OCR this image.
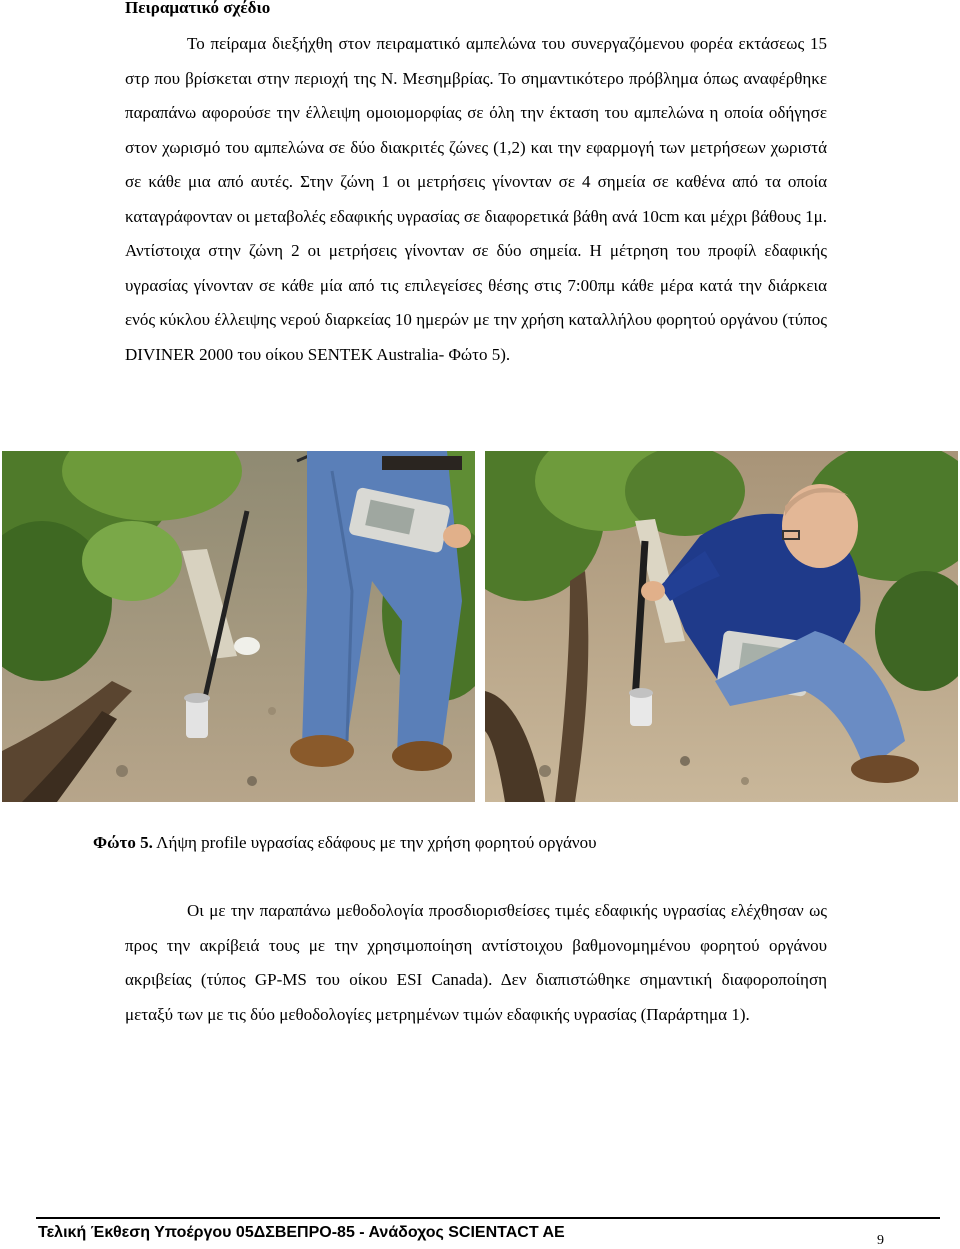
Πειραματικό σχέδιο
Το πείραμα διεξήχθη στον πειραματικό αμπελώνα του συνεργαζόμενου φορέα εκτάσεως 15 στρ που βρίσκεται στην περιοχή της Ν. Μεσημβρίας. Το σημαντικότερο πρόβλημα όπως αναφέρθηκε παραπάνω αφορούσε την έλλειψη ομοιομορφίας σε όλη την έκταση του αμπελώνα η οποία οδήγησε στον χωρισμό του αμπελώνα σε δύο διακριτές ζώνες (1,2) και την εφαρμογή των μετρήσεων χωριστά σε κάθε μια από αυτές. Στην ζώνη 1 οι μετρήσεις γίνονταν σε 4 σημεία σε καθένα από τα οποία καταγράφονταν οι μεταβολές εδαφικής υγρασίας σε διαφορετικά βάθη ανά 10cm και μέχρι βάθους 1μ. Αντίστοιχα στην ζώνη 2 οι μετρήσεις γίνονταν σε δύο σημεία. Η μέτρηση του προφίλ εδαφικής υγρασίας γίνονταν σε κάθε μία από τις επιλεγείσες θέσης στις 7:00πμ κάθε μέρα κατά την διάρκεια ενός κύκλου έλλειψης νερού διαρκείας 10 ημερών με την χρήση καταλλήλου φορητού οργάνου (τύπος DIVINER 2000 του οίκου SENTEK Australia- Φώτο 5).
Φώτο 5. Λήψη profile υγρασίας εδάφους με την χρήση φορητού οργάνου
Οι με την παραπάνω μεθοδολογία προσδιορισθείσες τιμές εδαφικής υγρασίας ελέχθησαν ως προς την ακρίβειά τους με την χρησιμοποίηση αντίστοιχου βαθμονομημένου φορητού οργάνου ακριβείας (τύπος GP-MS του οίκου ESI Canada). Δεν διαπιστώθηκε σημαντική διαφοροποίηση μεταξύ των με τις δύο μεθοδολογίες μετρημένων τιμών εδαφικής υγρασίας (Παράρτημα 1).
Τελική Έκθεση Υποέργου 05ΔΣΒΕΠΡΟ-85 - Ανάδοχος SCIENTACT AE	9
